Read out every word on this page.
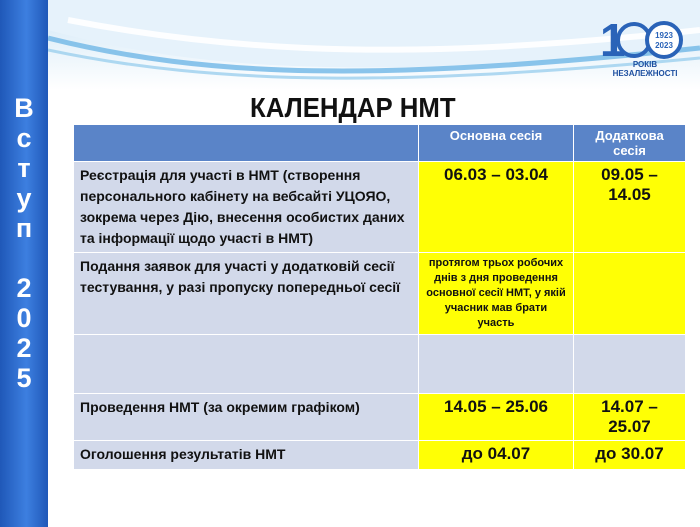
В
с
т
у
п
2
0
2
5
1	1923
2023
РОКІВ НЕЗАЛЕЖНОСТІ
КАЛЕНДАР НМТ
	Основна сесія	Додаткова сесія
Реєстрація для участі в НМТ (створення персонального кабінету на вебсайті УЦОЯО, зокрема через Дію, внесення особистих даних та інформації щодо участі в НМТ)	06.03 – 03.04	09.05 – 14.05
Подання заявок для участі у додатковій сесії тестування, у разі пропуску попередньої сесії	протягом трьох робочих днів з дня проведення основної сесії НМТ, у якій учасник мав брати участь	

Проведення НМТ (за окремим графіком)	14.05 – 25.06	14.07 – 25.07
Оголошення результатів НМТ	до 04.07	до 30.07
